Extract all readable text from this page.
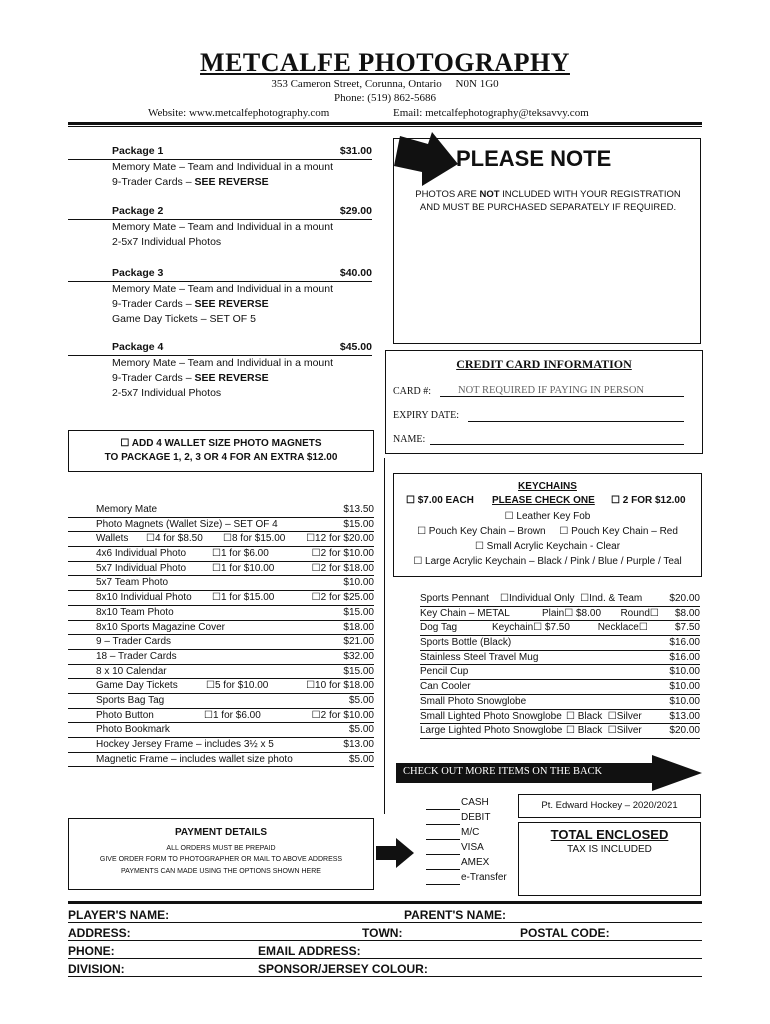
METCALFE PHOTOGRAPHY
353 Cameron Street, Corunna, Ontario     N0N 1G0
Phone: (519) 862-5686
Website: www.metcalfephotography.com	Email: metcalfephotography@teksavvy.com
Package 1	$31.00
Memory Mate – Team and Individual in a mount
9-Trader Cards – SEE REVERSE
Package 2	$29.00
Memory Mate – Team and Individual in a mount
2-5x7 Individual Photos
Package 3	$40.00
Memory Mate – Team and Individual in a mount
9-Trader Cards – SEE REVERSE
Game Day Tickets – SET OF 5
Package 4	$45.00
Memory Mate – Team and Individual in a mount
9-Trader Cards – SEE REVERSE
2-5x7 Individual Photos
☐ ADD 4 WALLET SIZE PHOTO MAGNETS
TO PACKAGE 1, 2, 3 OR 4 FOR AN EXTRA $12.00
PLEASE NOTE
PHOTOS ARE NOT INCLUDED WITH YOUR REGISTRATION
AND MUST BE PURCHASED SEPARATELY IF REQUIRED.
CREDIT CARD INFORMATION
CARD #:	NOT REQUIRED IF PAYING IN PERSON
EXPIRY DATE:
NAME:
Memory Mate	$13.50
Photo Magnets (Wallet Size) – SET OF 4	$15.00
Wallets ☐4 for $8.50 ☐8 for $15.00 ☐12 for $20.00
4x6 Individual Photo	☐1 for $6.00	☐2 for $10.00
5x7 Individual Photo	☐1 for $10.00	☐2 for $18.00
5x7 Team Photo	$10.00
8x10 Individual Photo ☐1 for $15.00	☐2 for $25.00
8x10 Team Photo	$15.00
8x10 Sports Magazine Cover	$18.00
9 – Trader Cards	$21.00
18 – Trader Cards	$32.00
8 x 10 Calendar	$15.00
Game Day Tickets	☐5 for $10.00	☐10 for $18.00
Sports Bag Tag	$5.00
Photo Button	☐1 for $6.00	☐2 for $10.00
Photo Bookmark	$5.00
Hockey Jersey Frame – includes 3½ x 5	$13.00
Magnetic Frame – includes wallet size photo	$5.00
KEYCHAINS
☐ $7.00 EACH PLEASE CHECK ONE ☐ 2 FOR $12.00
☐ Leather Key Fob
☐ Pouch Key Chain – Brown     ☐ Pouch Key Chain – Red
☐ Small Acrylic Keychain - Clear
☐ Large Acrylic Keychain – Black / Pink / Blue / Purple / Teal
Sports Pennant ☐Individual Only  ☐Ind. & Team	$20.00
Key Chain – METAL	Plain☐ $8.00       Round☐ $8.00
Dog Tag	Keychain☐ $7.50          Necklace☐	$7.50
Sports Bottle (Black)	$16.00
Stainless Steel Travel Mug	$16.00
Pencil Cup	$10.00
Can Cooler	$10.00
Small Photo Snowglobe	$10.00
Small Lighted Photo Snowglobe ☐ Black  ☐Silver	$13.00
Large Lighted Photo Snowglobe ☐ Black  ☐Silver	$20.00
CHECK OUT MORE ITEMS ON THE BACK
PAYMENT DETAILS
ALL ORDERS MUST BE PREPAID
GIVE ORDER FORM TO PHOTOGRAPHER OR MAIL TO ABOVE ADDRESS
PAYMENTS CAN MADE USING THE OPTIONS SHOWN HERE
CASH
DEBIT
M/C
VISA
AMEX
e-Transfer
Pt. Edward Hockey – 2020/2021
TOTAL ENCLOSED
TAX IS INCLUDED
PLAYER'S NAME:	PARENT'S NAME:
ADDRESS:	TOWN:	POSTAL CODE:
PHONE:	EMAIL ADDRESS:
DIVISION:	SPONSOR/JERSEY COLOUR:
